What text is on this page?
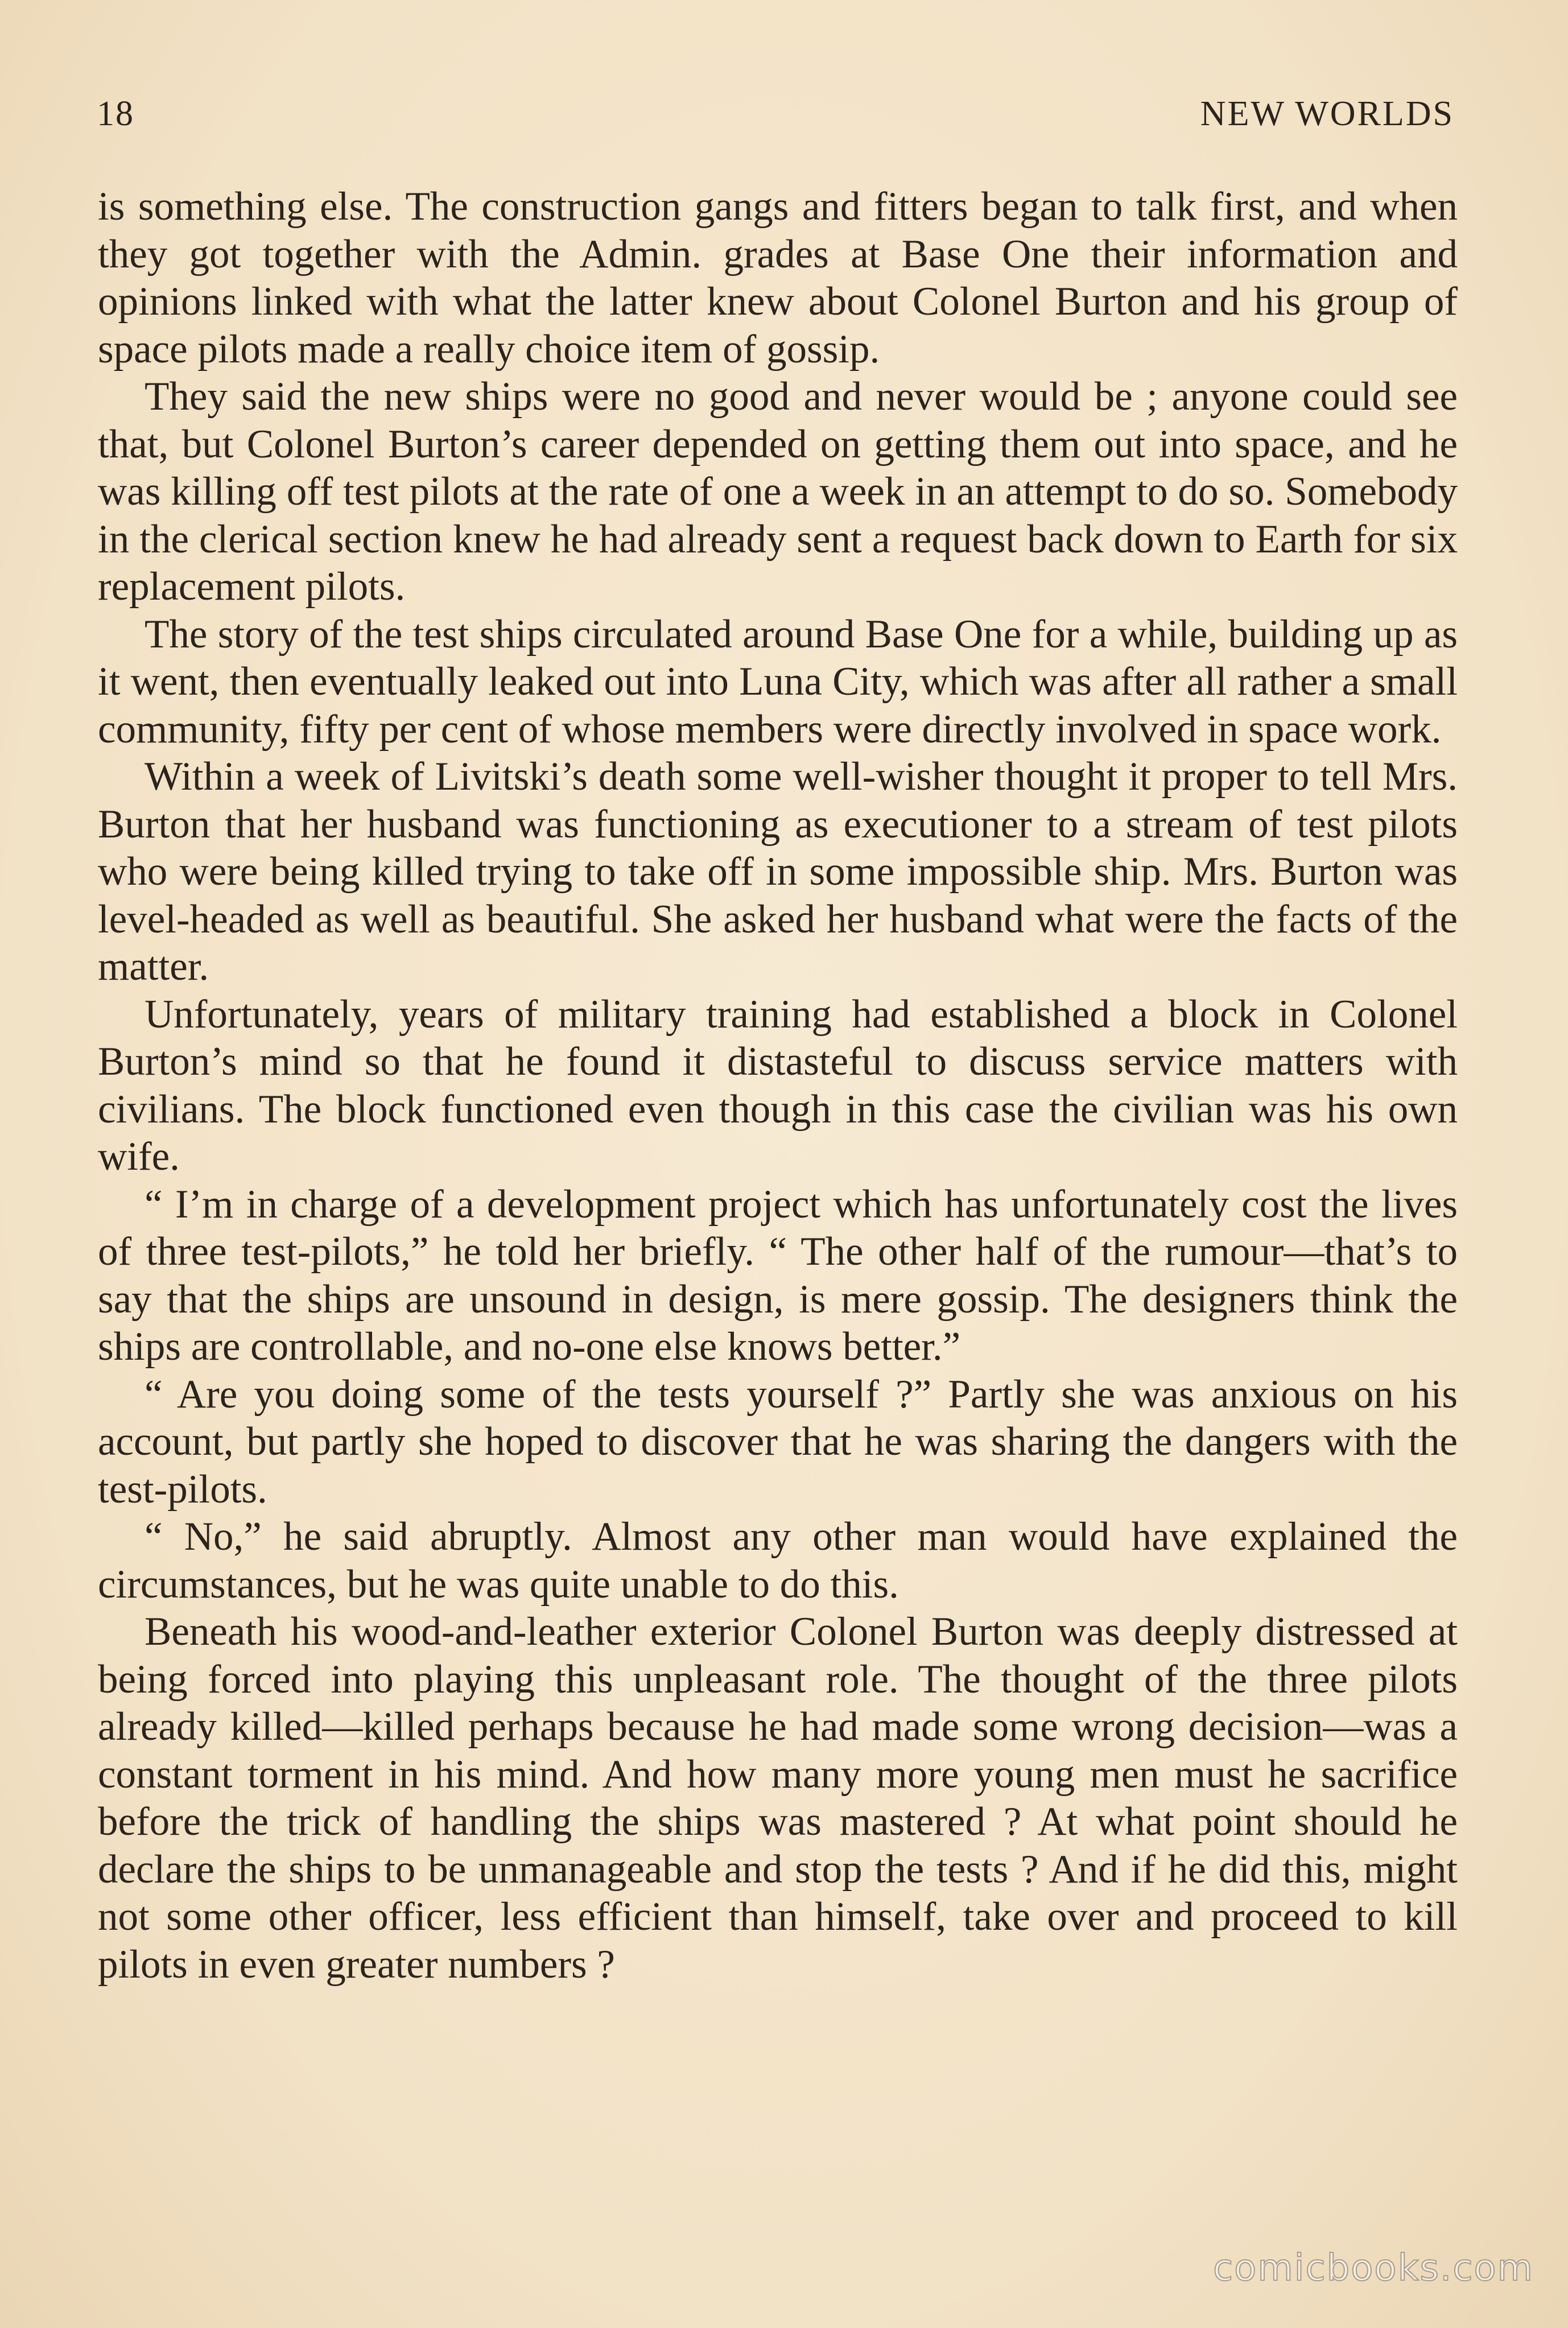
18	NEW WORLDS

is something else. The construction gangs and fitters began to talk first, and when they got together with the Admin. grades at Base One their information and opinions linked with what the latter knew about Colonel Burton and his group of space pilots made a really choice item of gossip.

They said the new ships were no good and never would be ; anyone could see that, but Colonel Burton’s career depended on getting them out into space, and he was killing off test pilots at the rate of one a week in an attempt to do so. Somebody in the clerical section knew he had already sent a request back down to Earth for six replacement pilots.

The story of the test ships circulated around Base One for a while, building up as it went, then eventually leaked out into Luna City, which was after all rather a small community, fifty per cent of whose members were directly involved in space work.

Within a week of Livitski’s death some well-wisher thought it proper to tell Mrs. Burton that her husband was functioning as executioner to a stream of test pilots who were being killed trying to take off in some impossible ship. Mrs. Burton was level-headed as well as beautiful. She asked her husband what were the facts of the matter.

Unfortunately, years of military training had established a block in Colonel Burton’s mind so that he found it distasteful to discuss service matters with civilians. The block functioned even though in this case the civilian was his own wife.

“ I’m in charge of a development project which has unfortunately cost the lives of three test-pilots,” he told her briefly. “ The other half of the rumour—that’s to say that the ships are unsound in design, is mere gossip. The designers think the ships are controllable, and no-one else knows better.”

“ Are you doing some of the tests yourself ?” Partly she was anxious on his account, but partly she hoped to discover that he was sharing the dangers with the test-pilots.

“ No,” he said abruptly. Almost any other man would have explained the circumstances, but he was quite unable to do this.

Beneath his wood-and-leather exterior Colonel Burton was deeply distressed at being forced into playing this unpleasant role. The thought of the three pilots already killed—killed perhaps because he had made some wrong decision—was a constant torment in his mind. And how many more young men must he sacrifice before the trick of handling the ships was mastered ? At what point should he declare the ships to be unmanageable and stop the tests ? And if he did this, might not some other officer, less efficient than himself, take over and proceed to kill pilots in even greater numbers ?

comicbooks.com
